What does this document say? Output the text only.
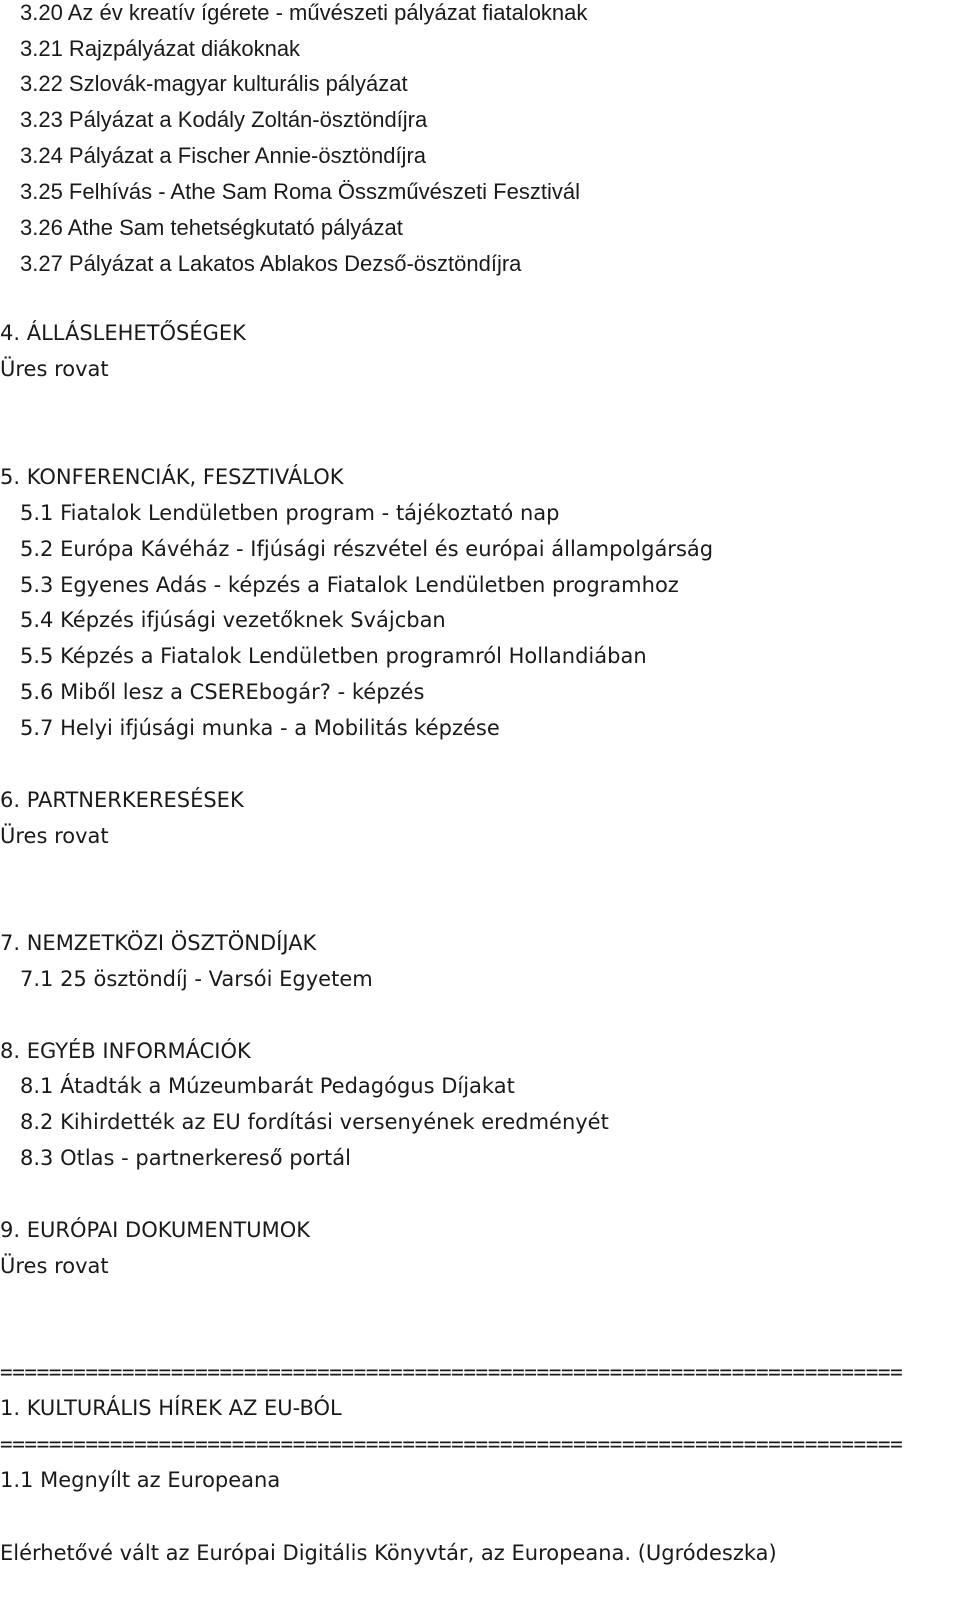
3.20 Az év kreatív ígérete - művészeti pályázat fiataloknak

3.21 Rajzpályázat diákoknak

3.22 Szlovák-magyar kulturális pályázat

3.23 Pályázat a Kodály Zoltán-ösztöndíjra

3.24 Pályázat a Fischer Annie-ösztöndíjra

3.25 Felhívás - Athe Sam Roma Összművészeti Fesztivál

3.26 Athe Sam tehetségkutató pályázat

3.27 Pályázat a Lakatos Ablakos Dezső-ösztöndíjra

4. ÁLLÁSLEHETŐSÉGEK

Üres rovat

5. KONFERENCIÁK, FESZTIVÁLOK

5.1 Fiatalok Lendületben program - tájékoztató nap

5.2 Európa Kávéház - Ifjúsági részvétel és európai állampolgárság

5.3 Egyenes Adás - képzés a Fiatalok Lendületben programhoz

5.4 Képzés ifjúsági vezetőknek Svájcban

5.5 Képzés a Fiatalok Lendületben programról Hollandiában

5.6 Miből lesz a CSEREbogár? - képzés

5.7 Helyi ifjúsági munka - a Mobilitás képzése

6. PARTNERKERESÉSEK

Üres rovat

7. NEMZETKÖZI ÖSZTÖNDÍJAK

7.1 25 ösztöndíj - Varsói Egyetem

8. EGYÉB INFORMÁCIÓK

8.1 Átadták a Múzeumbarát Pedagógus Díjakat

8.2 Kihirdették az EU fordítási versenyének eredményét

8.3 Otlas - partnerkereső portál

9. EURÓPAI DOKUMENTUMOK

Üres rovat

==========================================================================

1. KULTURÁLIS HÍREK AZ EU-BÓL

==========================================================================

1.1 Megnyílt az Europeana

Elérhetővé vált az Európai Digitális Könyvtár, az Europeana. (Ugródeszka)
